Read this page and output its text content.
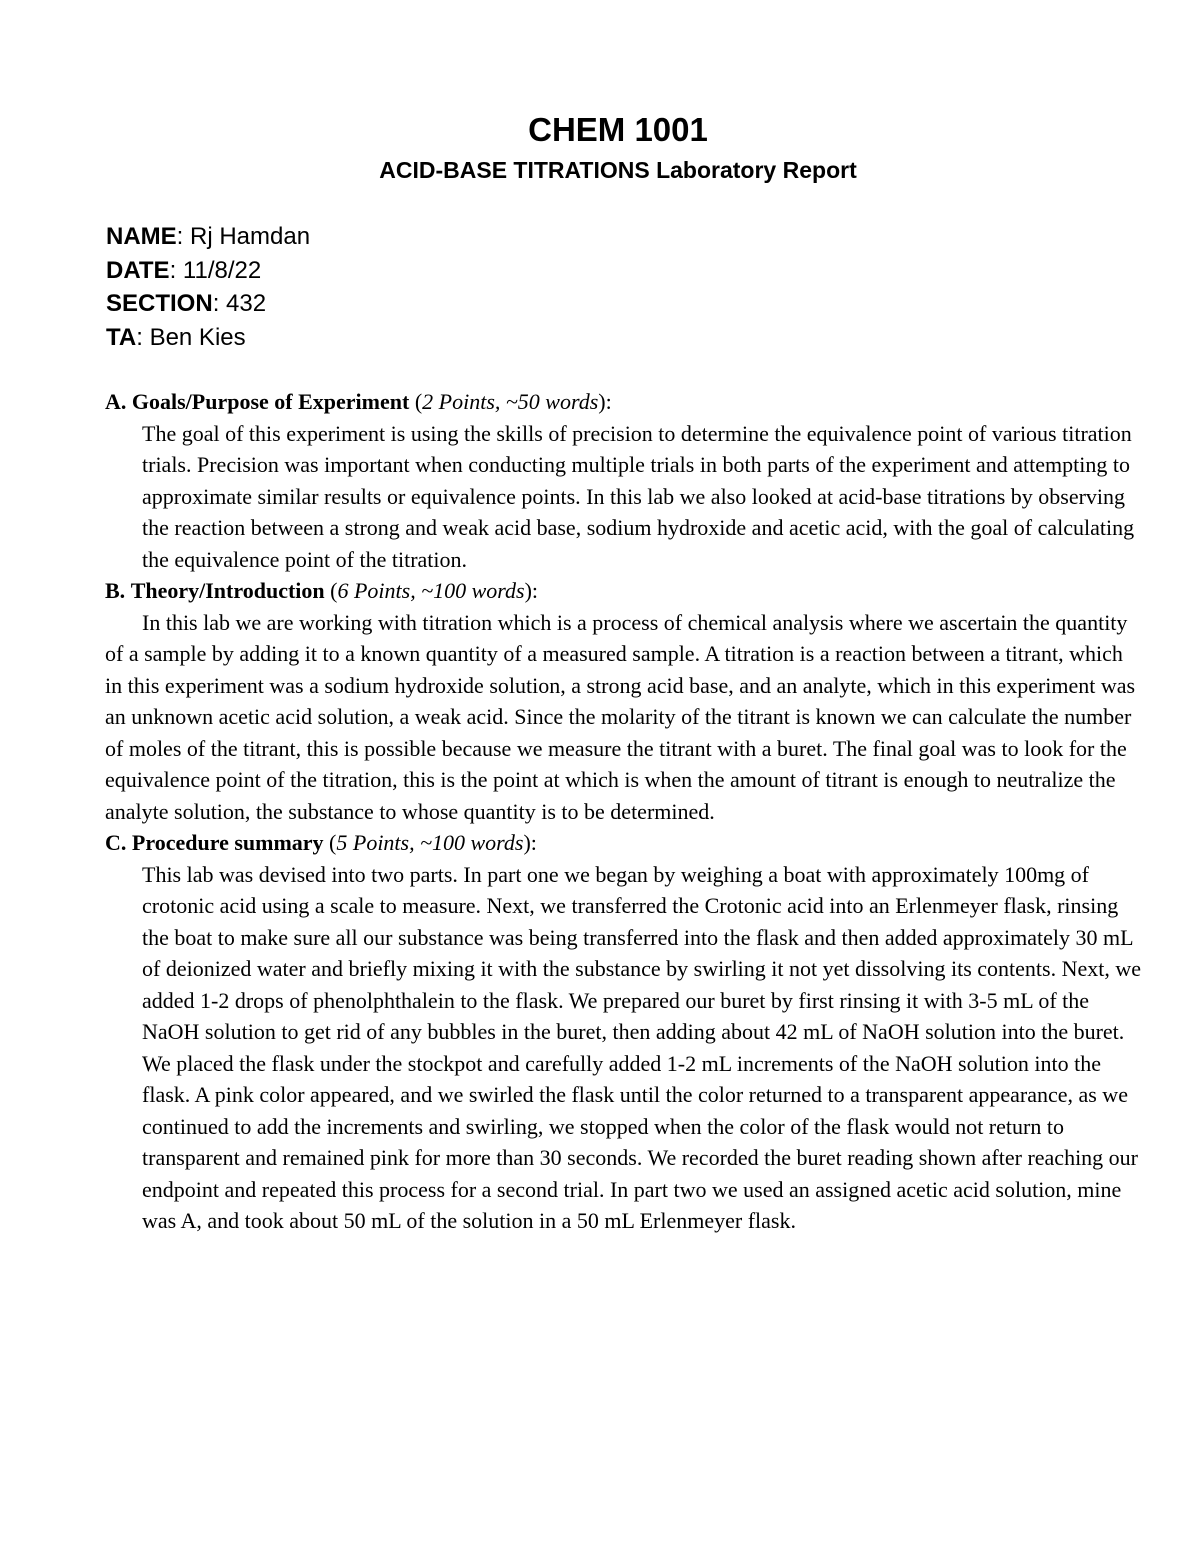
CHEM 1001
ACID-BASE TITRATIONS Laboratory Report
NAME: Rj Hamdan
DATE: 11/8/22
SECTION: 432
TA: Ben Kies
A. Goals/Purpose of Experiment (2 Points, ~50 words):

The goal of this experiment is using the skills of precision to determine the equivalence point of various titration trials. Precision was important when conducting multiple trials in both parts of the experiment and attempting to approximate similar results or equivalence points. In this lab we also looked at acid-base titrations by observing the reaction between a strong and weak acid base, sodium hydroxide and acetic acid, with the goal of calculating the equivalence point of the titration.

B. Theory/Introduction (6 Points, ~100 words):

In this lab we are working with titration which is a process of chemical analysis where we ascertain the quantity of a sample by adding it to a known quantity of a measured sample. A titration is a reaction between a titrant, which in this experiment was a sodium hydroxide solution, a strong acid base, and an analyte, which in this experiment was an unknown acetic acid solution, a weak acid. Since the molarity of the titrant is known we can calculate the number of moles of the titrant, this is possible because we measure the titrant with a buret. The final goal was to look for the equivalence point of the titration, this is the point at which is when the amount of titrant is enough to neutralize the analyte solution, the substance to whose quantity is to be determined.

C. Procedure summary (5 Points, ~100 words):

This lab was devised into two parts. In part one we began by weighing a boat with approximately 100mg of crotonic acid using a scale to measure. Next, we transferred the Crotonic acid into an Erlenmeyer flask, rinsing the boat to make sure all our substance was being transferred into the flask and then added approximately 30 mL of deionized water and briefly mixing it with the substance by swirling it not yet dissolving its contents. Next, we added 1-2 drops of phenolphthalein to the flask. We prepared our buret by first rinsing it with 3-5 mL of the NaOH solution to get rid of any bubbles in the buret, then adding about 42 mL of NaOH solution into the buret. We placed the flask under the stockpot and carefully added 1-2 mL increments of the NaOH solution into the flask. A pink color appeared, and we swirled the flask until the color returned to a transparent appearance, as we continued to add the increments and swirling, we stopped when the color of the flask would not return to transparent and remained pink for more than 30 seconds. We recorded the buret reading shown after reaching our endpoint and repeated this process for a second trial. In part two we used an assigned acetic acid solution, mine was A, and took about 50 mL of the solution in a 50 mL Erlenmeyer flask.
